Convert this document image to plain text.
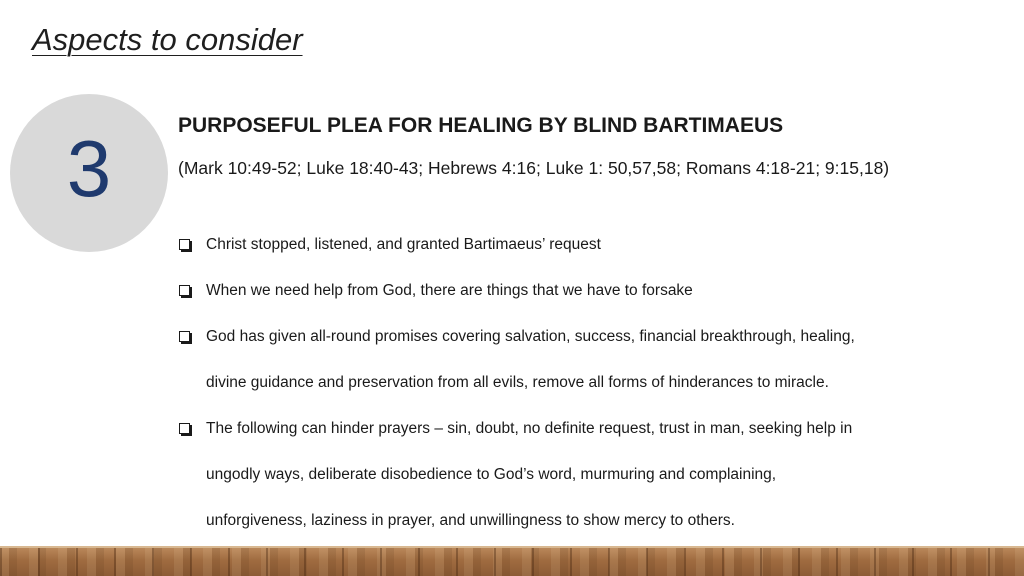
Aspects to consider
3	PURPOSEFUL PLEA FOR HEALING BY BLIND BARTIMAEUS
(Mark 10:49-52; Luke 18:40-43; Hebrews 4:16; Luke 1: 50,57,58; Romans 4:18-21; 9:15,18)
Christ stopped, listened, and granted Bartimaeus’ request
When we need help from God, there are things that we have to forsake
God has given all-round promises covering salvation, success, financial breakthrough, healing,
divine guidance and preservation from all evils, remove all forms of hinderances to miracle.
The following can hinder prayers – sin, doubt, no definite request, trust in man, seeking help in
ungodly ways, deliberate disobedience to God’s word, murmuring and complaining,
unforgiveness, laziness in prayer, and unwillingness to show mercy to others.
